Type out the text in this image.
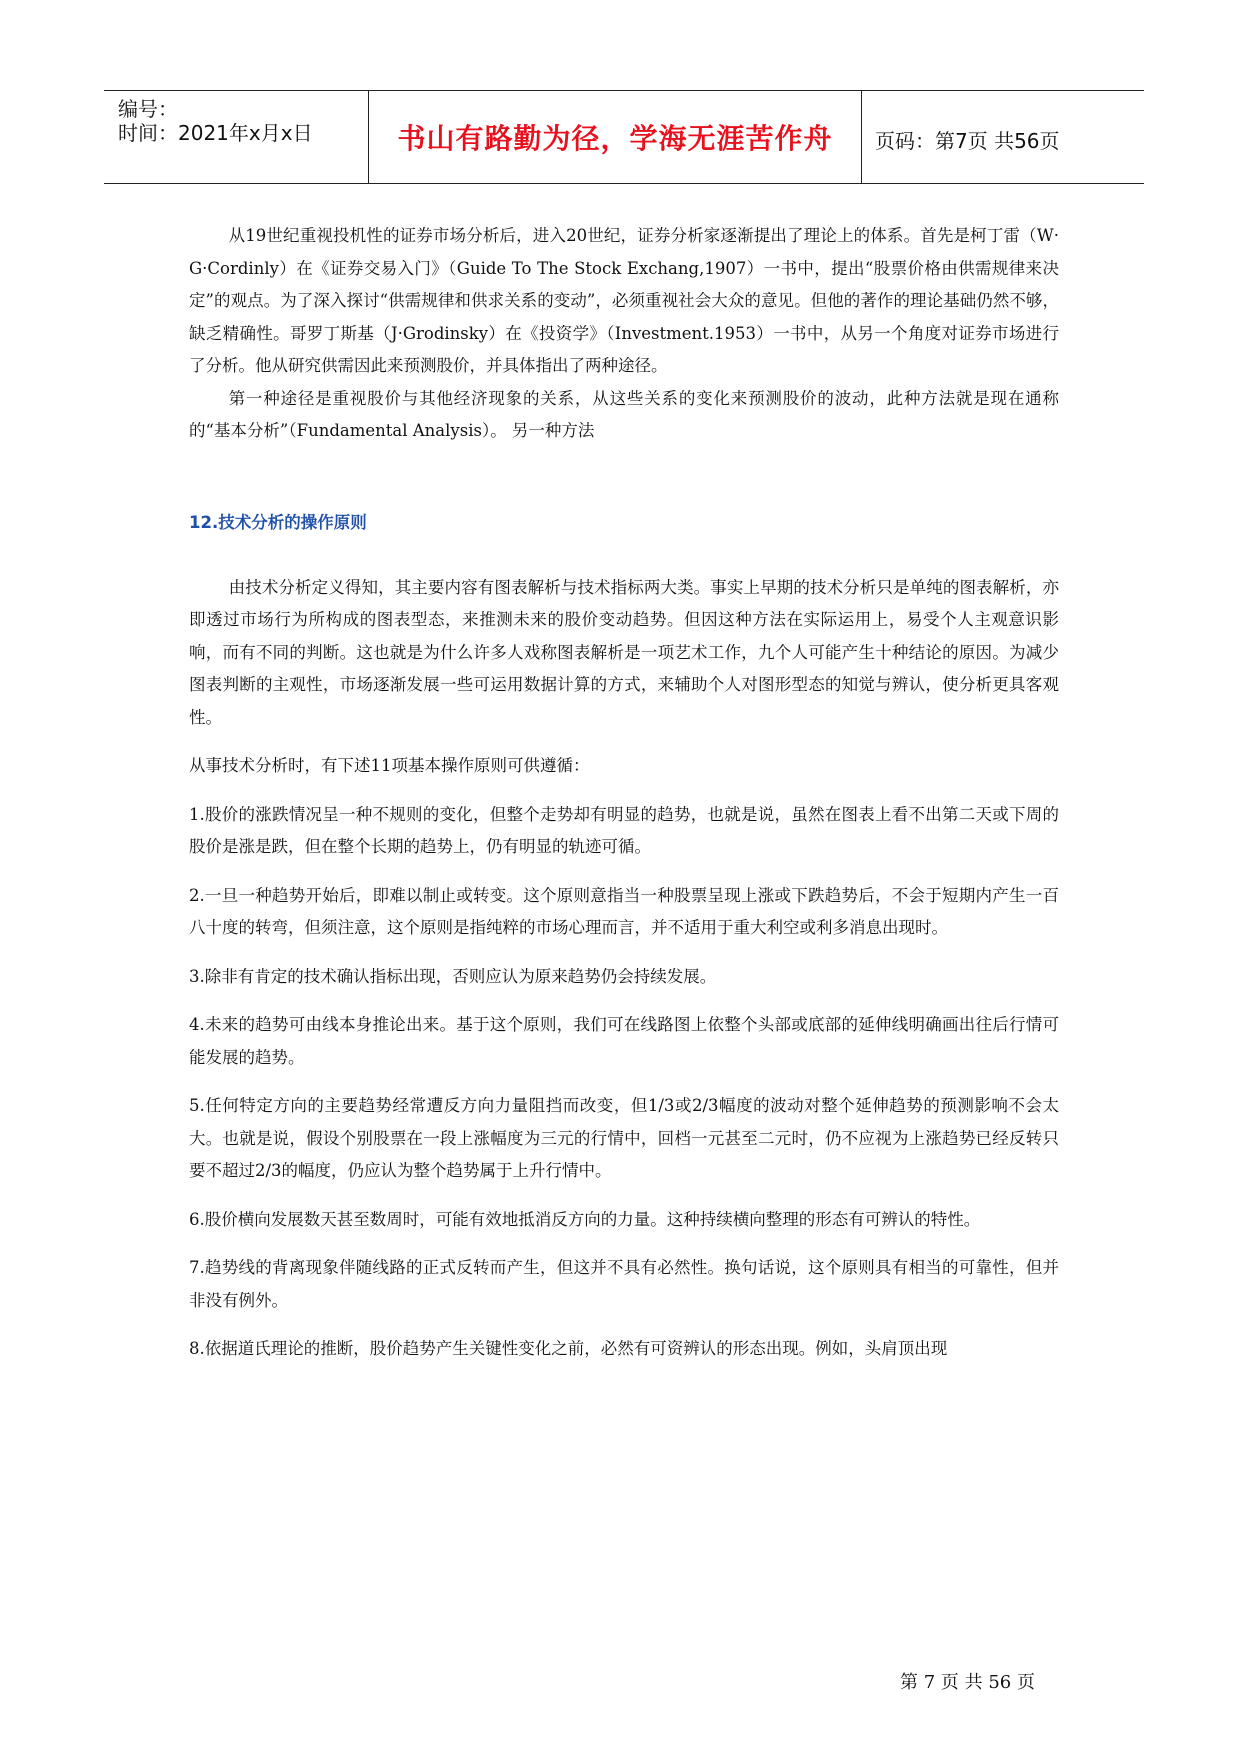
编号：
时间：2021年x月x日	书山有路勤为径，学海无涯苦作舟	页码：第7页 共56页

从19世纪重视投机性的证券市场分析后，进入20世纪，证券分析家逐渐提出了理论上的体系。首先是柯丁雷（W·G·Cordinly）在《证券交易入门》（Guide To The Stock Exchang,1907）一书中，提出“股票价格由供需规律来决定”的观点。为了深入探讨“供需规律和供求关系的变动”，必须重视社会大众的意见。但他的著作的理论基础仍然不够，缺乏精确性。哥罗丁斯基（J·Grodinsky）在《投资学》（Investment.1953）一书中，从另一个角度对证券市场进行了分析。他从研究供需因此来预测股价，并具体指出了两种途径。

第一种途径是重视股价与其他经济现象的关系，从这些关系的变化来预测股价的波动，此种方法就是现在通称的“基本分析”（Fundamental Analysis）。 另一种方法

12.技术分析的操作原则

由技术分析定义得知，其主要内容有图表解析与技术指标两大类。事实上早期的技术分析只是单纯的图表解析，亦即透过市场行为所构成的图表型态，来推测未来的股价变动趋势。但因这种方法在实际运用上，易受个人主观意识影响，而有不同的判断。这也就是为什么许多人戏称图表解析是一项艺术工作，九个人可能产生十种结论的原因。为减少图表判断的主观性，市场逐渐发展一些可运用数据计算的方式，来辅助个人对图形型态的知觉与辨认，使分析更具客观性。

从事技术分析时，有下述11项基本操作原则可供遵循：

1.股价的涨跌情况呈一种不规则的变化，但整个走势却有明显的趋势，也就是说，虽然在图表上看不出第二天或下周的股价是涨是跌，但在整个长期的趋势上，仍有明显的轨迹可循。

2.一旦一种趋势开始后，即难以制止或转变。这个原则意指当一种股票呈现上涨或下跌趋势后，不会于短期内产生一百八十度的转弯，但须注意，这个原则是指纯粹的市场心理而言，并不适用于重大利空或利多消息出现时。

3.除非有肯定的技术确认指标出现，否则应认为原来趋势仍会持续发展。

4.未来的趋势可由线本身推论出来。基于这个原则，我们可在线路图上依整个头部或底部的延伸线明确画出往后行情可能发展的趋势。

5.任何特定方向的主要趋势经常遭反方向力量阻挡而改变，但1/3或2/3幅度的波动对整个延伸趋势的预测影响不会太大。也就是说，假设个别股票在一段上涨幅度为三元的行情中，回档一元甚至二元时，仍不应视为上涨趋势已经反转只要不超过2/3的幅度，仍应认为整个趋势属于上升行情中。

6.股价横向发展数天甚至数周时，可能有效地抵消反方向的力量。这种持续横向整理的形态有可辨认的特性。

7.趋势线的背离现象伴随线路的正式反转而产生，但这并不具有必然性。换句话说，这个原则具有相当的可靠性，但并非没有例外。

8.依据道氏理论的推断，股价趋势产生关键性变化之前，必然有可资辨认的形态出现。例如，头肩顶出现

第 7 页 共 56 页
